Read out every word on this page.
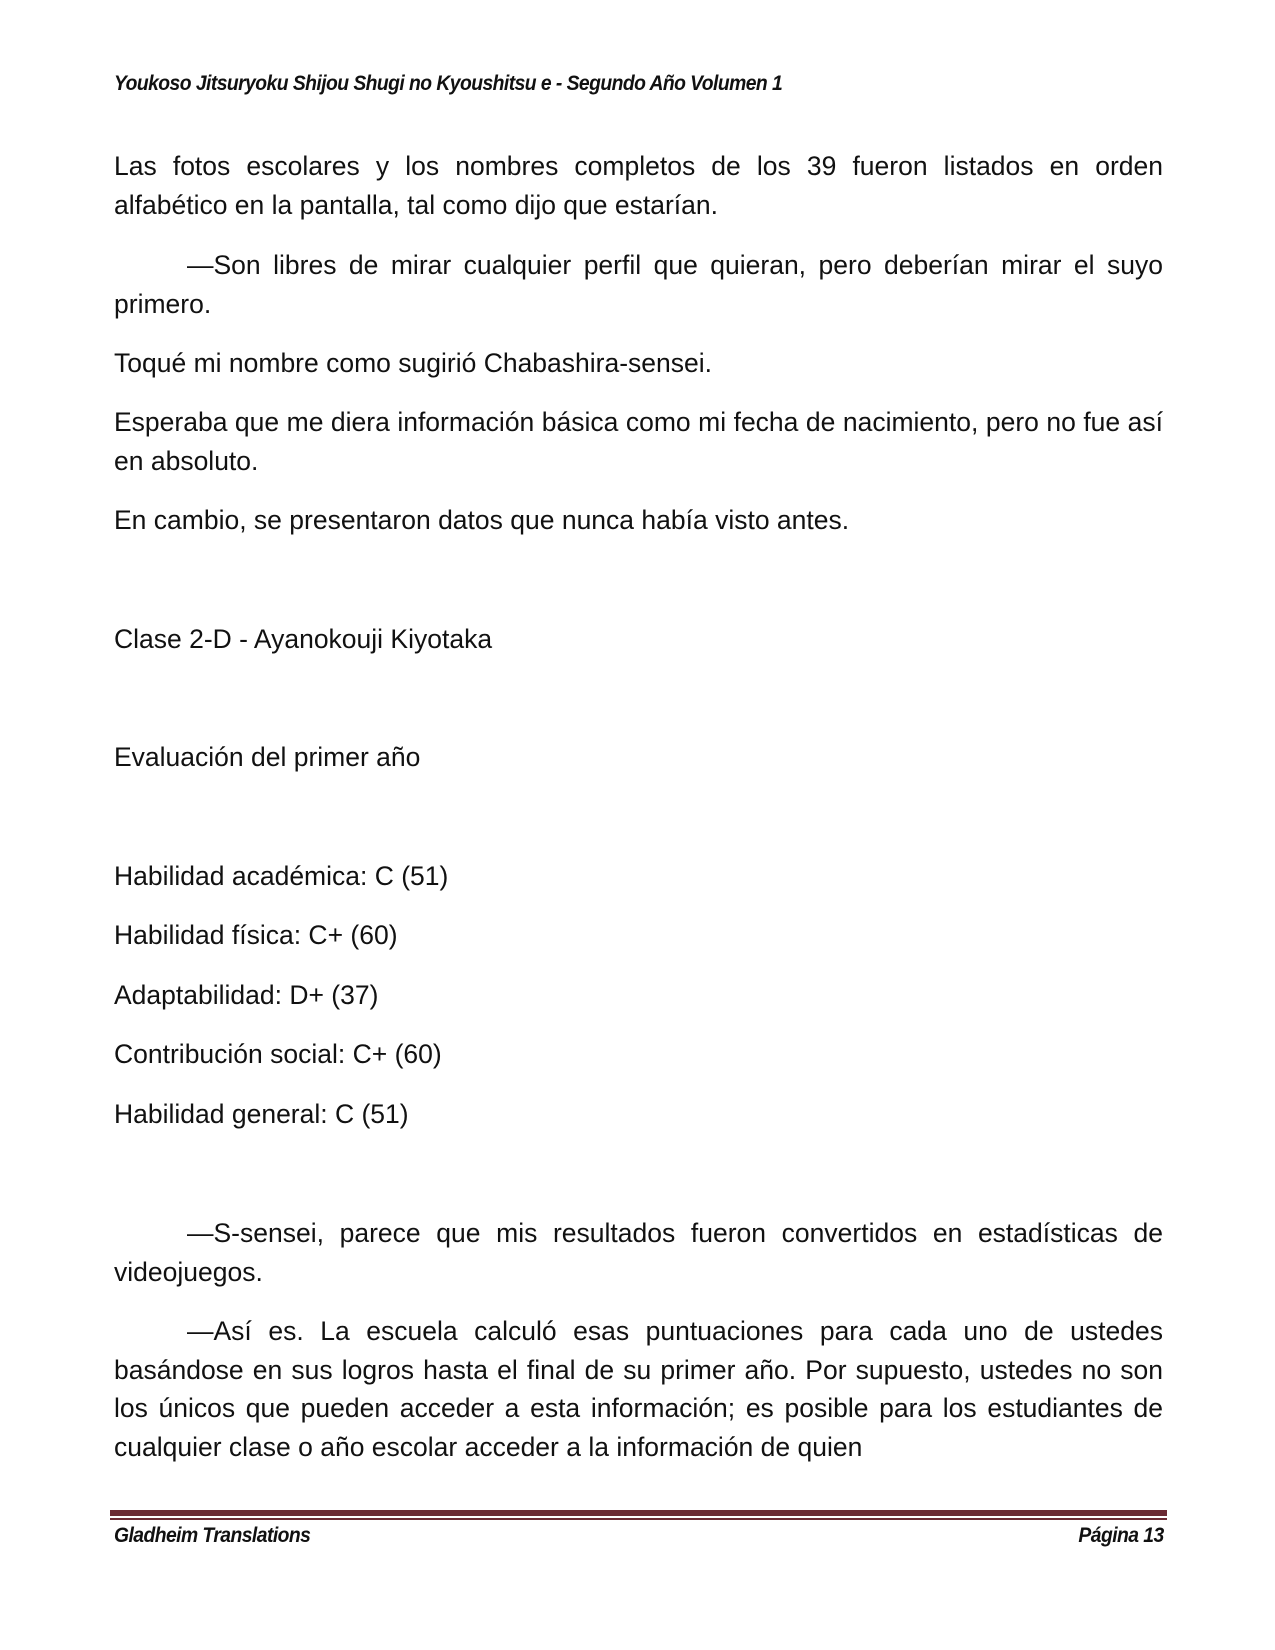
Youkoso Jitsuryoku Shijou Shugi no Kyoushitsu e - Segundo Año Volumen 1
Las fotos escolares y los nombres completos de los 39 fueron listados en orden alfabético en la pantalla, tal como dijo que estarían.
—Son libres de mirar cualquier perfil que quieran, pero deberían mirar el suyo primero.
Toqué mi nombre como sugirió Chabashira-sensei.
Esperaba que me diera información básica como mi fecha de nacimiento, pero no fue así en absoluto.
En cambio, se presentaron datos que nunca había visto antes.
Clase 2-D - Ayanokouji Kiyotaka
Evaluación del primer año
Habilidad académica: C (51)
Habilidad física: C+ (60)
Adaptabilidad: D+ (37)
Contribución social: C+ (60)
Habilidad general: C (51)
—S-sensei, parece que mis resultados fueron convertidos en estadísticas de videojuegos.
—Así es. La escuela calculó esas puntuaciones para cada uno de ustedes basándose en sus logros hasta el final de su primer año. Por supuesto, ustedes no son los únicos que pueden acceder a esta información; es posible para los estudiantes de cualquier clase o año escolar acceder a la información de quien
Gladheim Translations	Página 13
